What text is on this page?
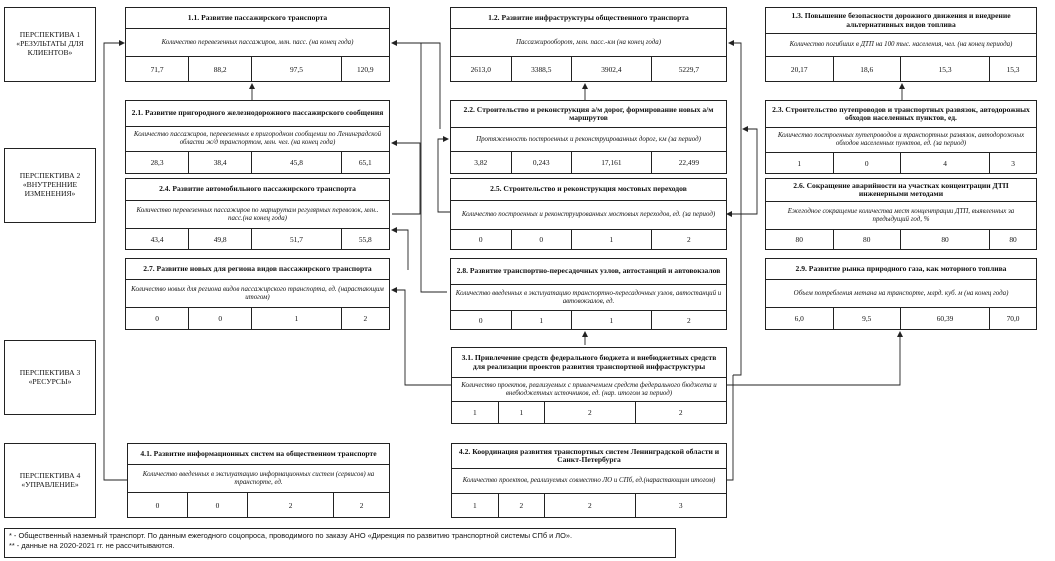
ПЕРСПЕКТИВА 1 «РЕЗУЛЬТАТЫ ДЛЯ КЛИЕНТОВ»
ПЕРСПЕКТИВА 2 «ВНУТРЕННИЕ ИЗМЕНЕНИЯ»
ПЕРСПЕКТИВА 3 «РЕСУРСЫ»
ПЕРСПЕКТИВА 4 «УПРАВЛЕНИЕ»
1.1. Развитие пассажирского транспорта
Количество перевезенных пассажиров, млн. пасс. (на конец года)
71,7	88,2	97,5	120,9
1.2. Развитие инфраструктуры общественного транспорта
Пассажирооборот, млн. пасс.-км (на конец года)
2613,0	3388,5	3902,4	5229,7
1.3. Повышение безопасности дорожного движения и внедрение альтернативных видов топлива
Количество погибших в ДТП на 100 тыс. населения, чел. (на конец периода)
20,17	18,6	15,3	15,3
2.1. Развитие пригородного железнодорожного пассажирского сообщения
Количество пассажиров, перевезенных в пригородном сообщении по Ленинградской области ж/д транспортом, млн. чел. (на конец года)
28,3	38,4	45,8	65,1
2.2. Строительство и реконструкция а/м дорог, формирование новых а/м маршрутов
Протяженность построенных и реконструированных дорог, км (за период)
3,82	0,243	17,161	22,499
2.3. Строительство путепроводов и транспортных развязок, автодорожных обходов населенных пунктов, ед.
Количество построенных путепроводов и транспортных развязок, автодорожных обходов населенных пунктов, ед. (за период)
1	0	4	3
2.4. Развитие автомобильного пассажирского транспорта
Количество перевезенных пассажиров по маршрутам регулярных перевозок, млн.. пасс.(на конец года)
43,4	49,8	51,7	55,8
2.5. Строительство и реконструкция мостовых переходов
Количество построенных и реконструированных мостовых переходов, ед. (за период)
0	0	1	2
2.6. Сокращение аварийности на участках концентрации ДТП инженерными методами
Ежегодное сокращение количества мест концентрации ДТП, выявленных за предыдущий год, %
80	80	80	80
2.7. Развитие новых для региона видов пассажирского транспорта
Количество новых для региона видов пассажирского транспорта, ед. (нарастающим итогом)
0	0	1	2
2.8. Развитие транспортно-пересадочных узлов, автостанций и автовокзалов
Количество введенных в эксплуатацию транспортно-пересадочных узлов, автостанций и автовокзалов, ед.
0	1	1	2
2.9. Развитие рынка природного газа, как моторного топлива
Объем потребления метана на транспорте, млрд. куб. м (на конец года)
6,0	9,5	60,39	70,0
3.1. Привлечение средств федерального бюджета и внебюджетных средств для реализации проектов развития транспортной инфраструктуры
Количество проектов, реализуемых с привлечением средств федерального бюджета и внебюджетных источников, ед. (нар. итогом за период)
1	1	2	2
4.1. Развитие информационных систем на общественном транспорте
Количество введенных в эксплуатацию информационных систем (сервисов) на транспорте, ед.
0	0	2	2
4.2. Координация развития транспортных систем Ленинградской области и Санкт-Петербурга
Количество проектов, реализуемых совместно ЛО и СПб, ед.(нарастающим итогом)
1	2	2	3
* - Общественный наземный транспорт. По данным ежегодного соцопроса, проводимого по заказу АНО «Дирекция по развитию транспортной системы СПб и ЛО».
** - данные на 2020-2021 гг. не рассчитываются.
